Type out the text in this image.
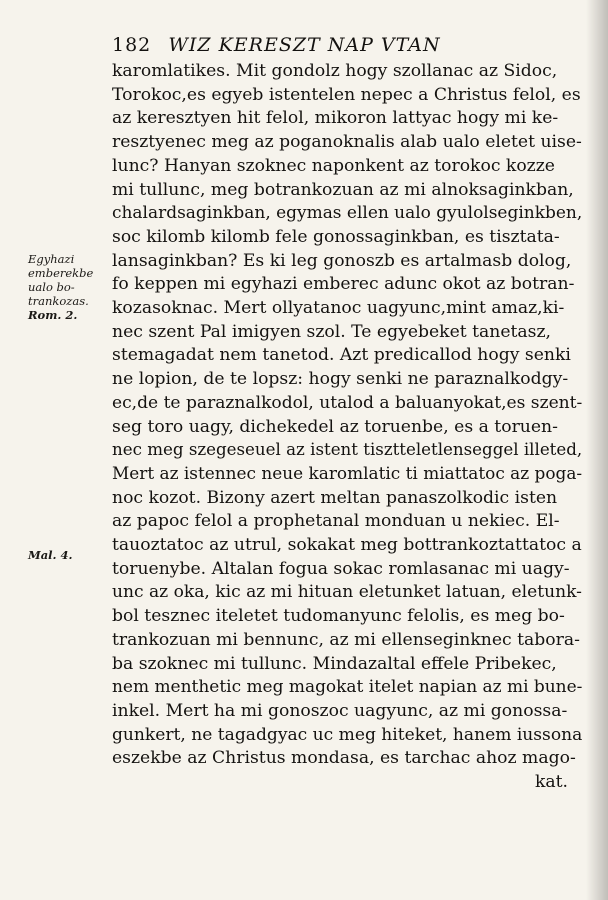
182 WIZ KERESZT NAP VTAN
karomlatikes. Mit gondolz hogy szollanac az Sidoc,
Torokoc,es egyeb istentelen nepec a Christus felol, es
az keresztyen hit felol, mikoron lattyac hogy mi ke-
resztyenec meg az poganoknalis alab ualo eletet uise-
lunc? Hanyan szoknec naponkent az torokoc kozze
mi tullunc, meg botrankozuan az mi alnoksaginkban,
chalardsaginkban, egymas ellen ualo gyulolseginkben,
soc kilomb kilomb fele gonossaginkban, es tisztata-
lansaginkban? Es ki leg gonoszb es artalmasb dolog,
fo keppen mi egyhazi emberec adunc okot az botran-
kozasoknac. Mert ollyatanoc uagyunc,mint amaz,ki-
nec szent Pal imigyen szol. Te egyebeket tanetasz,
stemagadat nem tanetod. Azt predicallod hogy senki
ne lopion, de te lopsz: hogy senki ne paraznalkodgy-
ec,de te paraznalkodol, utalod a baluanyokat,es szent-
seg toro uagy, dichekedel az toruenbe, es a toruen-
nec meg szegeseuel az istent tisztteletlenseggel illeted,
Mert az istennec neue karomlatic ti miattatoc az poga-
noc kozot. Bizony azert meltan panaszolkodic isten
az papoc felol a prophetanal monduan u nekiec. El-
tauoztatoc az utrul, sokakat meg bottrankoztattatoc a
toruenybe. Altalan fogua sokac romlasanac mi uagy-
unc az oka, kic az mi hituan eletunket latuan, eletunk-
bol tesznec iteletet tudomanyunc felolis, es meg bo-
trankozuan mi bennunc, az mi ellenseginknec tabora-
ba szoknec mi tullunc. Mindazaltal effele Pribekec,
nem menthetic meg magokat itelet napian az mi bune-
inkel. Mert ha mi gonoszoc uagyunc, az mi gonossa-
gunkert, ne tagadgyac uc meg hiteket, hanem iussona
eszekbe az Christus mondasa, es tarchac ahoz mago-
kat.
Egyhazi
emberekbe
ualo bo-
trankozas.
Rom. 2.
Mal. 4.
